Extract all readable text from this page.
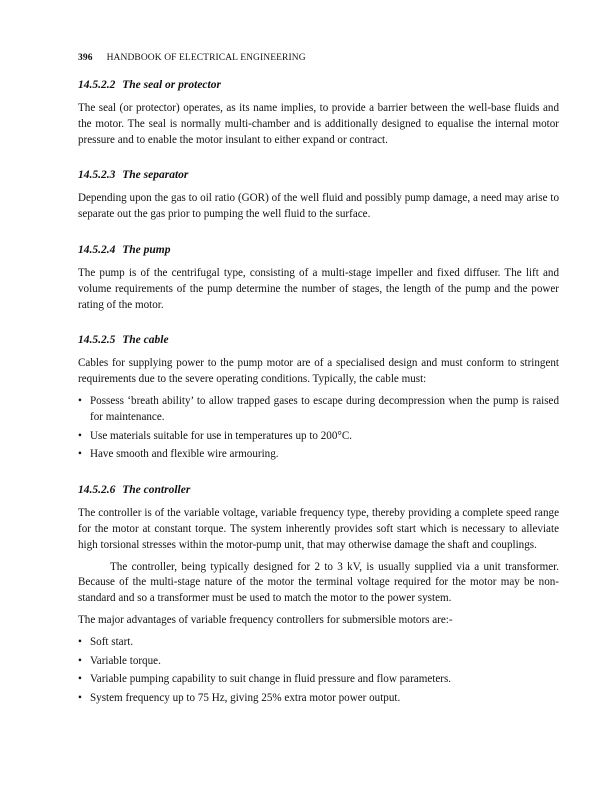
396 HANDBOOK OF ELECTRICAL ENGINEERING
14.5.2.2 The seal or protector

The seal (or protector) operates, as its name implies, to provide a barrier between the well-base fluids and the motor. The seal is normally multi-chamber and is additionally designed to equalise the internal motor pressure and to enable the motor insulant to either expand or contract.

14.5.2.3 The separator

Depending upon the gas to oil ratio (GOR) of the well fluid and possibly pump damage, a need may arise to separate out the gas prior to pumping the well fluid to the surface.

14.5.2.4 The pump

The pump is of the centrifugal type, consisting of a multi-stage impeller and fixed diffuser. The lift and volume requirements of the pump determine the number of stages, the length of the pump and the power rating of the motor.

14.5.2.5 The cable

Cables for supplying power to the pump motor are of a specialised design and must conform to stringent requirements due to the severe operating conditions. Typically, the cable must:

• Possess ‘breath ability’ to allow trapped gases to escape during decompression when the pump is raised for maintenance.
• Use materials suitable for use in temperatures up to 200°C.
• Have smooth and flexible wire armouring.
14.5.2.6 The controller

The controller is of the variable voltage, variable frequency type, thereby providing a complete speed range for the motor at constant torque. The system inherently provides soft start which is necessary to alleviate high torsional stresses within the motor-pump unit, that may otherwise damage the shaft and couplings.

The controller, being typically designed for 2 to 3 kV, is usually supplied via a unit transformer. Because of the multi-stage nature of the motor the terminal voltage required for the motor may be non-standard and so a transformer must be used to match the motor to the power system.

The major advantages of variable frequency controllers for submersible motors are:-

• Soft start.
• Variable torque.
• Variable pumping capability to suit change in fluid pressure and flow parameters.
• System frequency up to 75 Hz, giving 25% extra motor power output.
